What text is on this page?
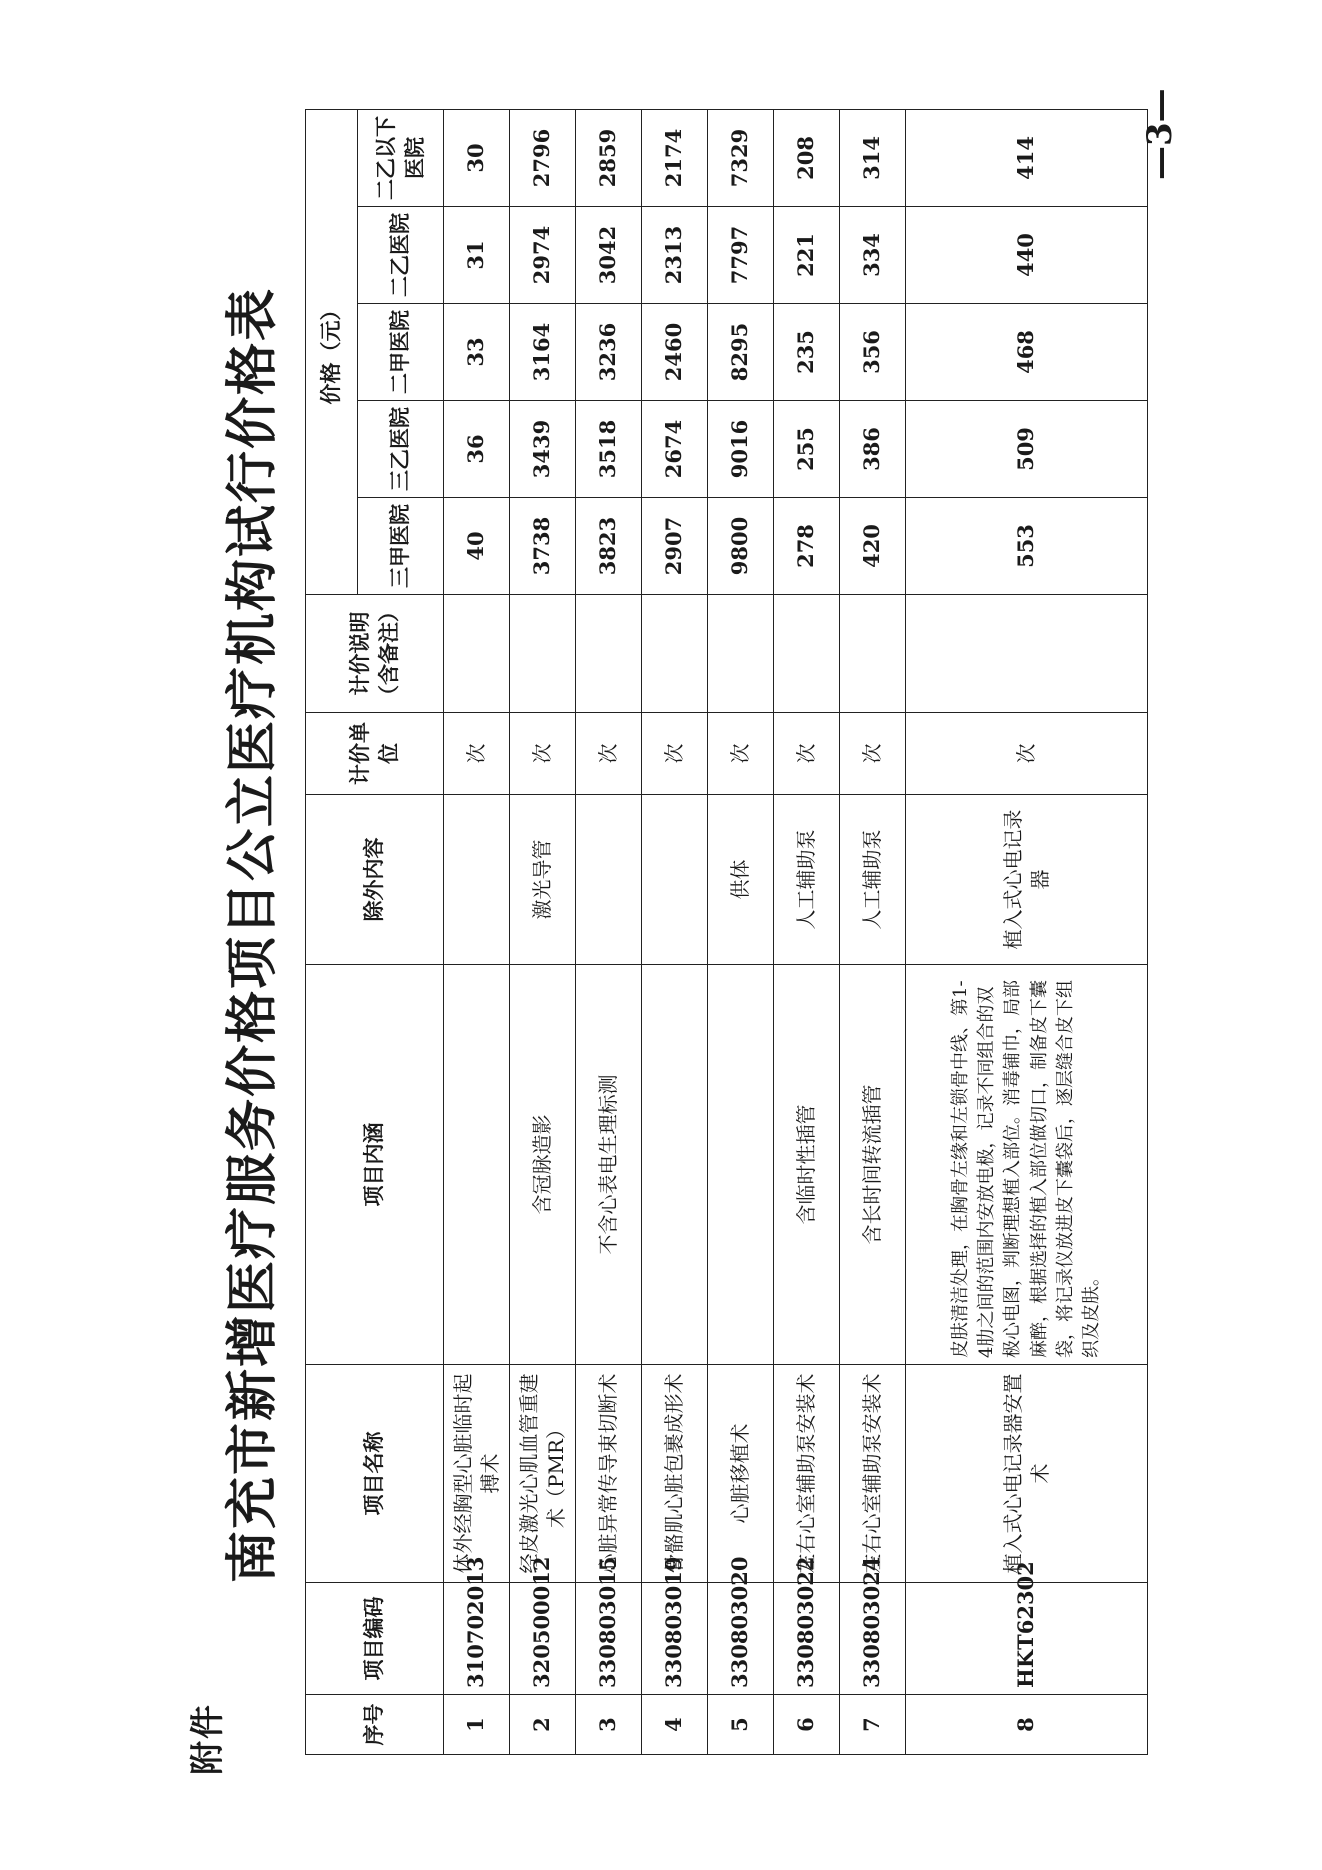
附件
南充市新增医疗服务价格项目公立医疗机构试行价格表
序号	项目编码	项目名称	项目内涵	除外内容	计价单位	计价说明（含备注）	价格（元）				
							三甲医院	三乙医院	二甲医院	二乙医院	二乙以下医院
1	310702013	体外经胸型心脏临时起搏术			次		40	36	33	31	30
2	320500012	经皮激光心肌血管重建术（PMR）	含冠脉造影	激光导管	次		3738	3439	3164	2974	2796
3	330803015	心脏异常传导束切断术	不含心表电生理标测		次		3823	3518	3236	3042	2859
4	330803019	骨骼肌心脏包裹成形术			次		2907	2674	2460	2313	2174
5	330803020	心脏移植术		供体	次		9800	9016	8295	7797	7329
6	330803022	左右心室辅助泵安装术	含临时性插管	人工辅助泵	次		278	255	235	221	208
7	330803024	左右心室辅助泵安装术	含长时间转流插管	人工辅助泵	次		420	386	356	334	314
8	HKT62302	植入式心电记录器安置术	皮肤清洁处理，在胸骨左缘和左锁骨中线、第1-4肋之间的范围内安放电极，记录不同组合的双极心电图，判断理想植入部位。消毒铺巾，局部麻醉，根据选择的植入部位做切口，制备皮下囊袋，将记录仪放进皮下囊袋后，逐层缝合皮下组织及皮肤。	植入式心电记录器	次		553	509	468	440	414	—3—
